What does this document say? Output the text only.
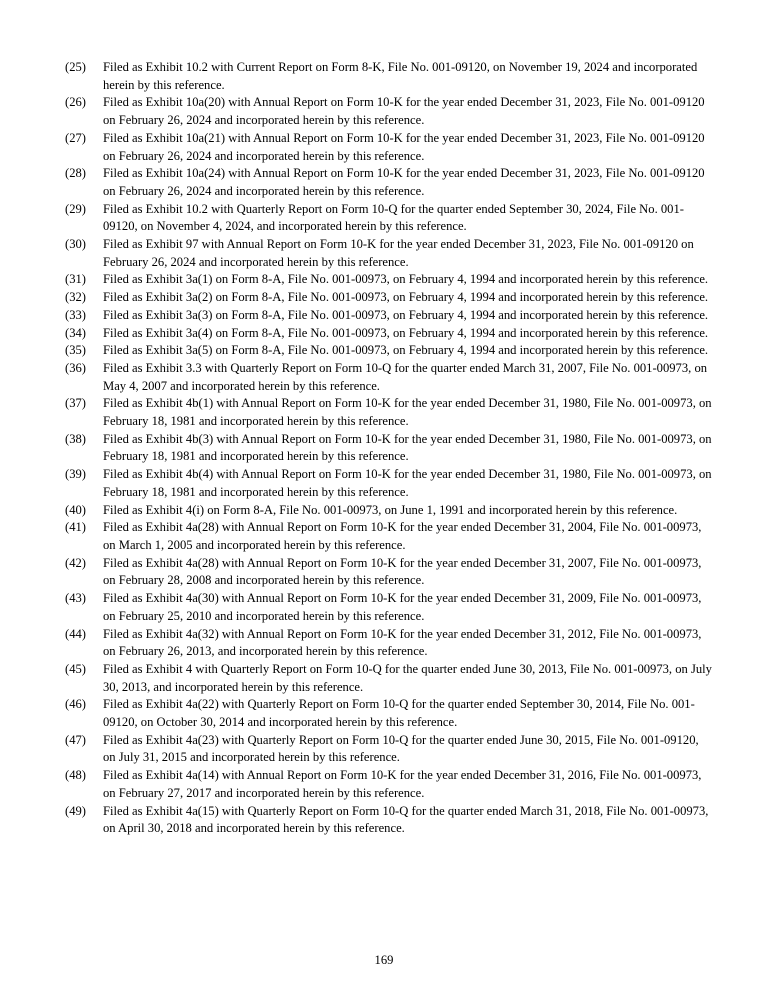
(25)	Filed as Exhibit 10.2 with Current Report on Form 8-K, File No. 001-09120, on November 19, 2024 and incorporated herein by this reference.
(26)	Filed as Exhibit 10a(20) with Annual Report on Form 10-K for the year ended December 31, 2023, File No. 001-09120 on February 26, 2024 and incorporated herein by this reference.
(27)	Filed as Exhibit 10a(21) with Annual Report on Form 10-K for the year ended December 31, 2023, File No. 001-09120 on February 26, 2024 and incorporated herein by this reference.
(28)	Filed as Exhibit 10a(24) with Annual Report on Form 10-K for the year ended December 31, 2023, File No. 001-09120 on February 26, 2024 and incorporated herein by this reference.
(29)	Filed as Exhibit 10.2 with Quarterly Report on Form 10-Q for the quarter ended September 30, 2024, File No. 001-09120, on November 4, 2024, and incorporated herein by this reference.
(30)	Filed as Exhibit 97 with Annual Report on Form 10-K for the year ended December 31, 2023, File No. 001-09120 on February 26, 2024 and incorporated herein by this reference.
(31)	Filed as Exhibit 3a(1) on Form 8-A, File No. 001-00973, on February 4, 1994 and incorporated herein by this reference.
(32)	Filed as Exhibit 3a(2) on Form 8-A, File No. 001-00973, on February 4, 1994 and incorporated herein by this reference.
(33)	Filed as Exhibit 3a(3) on Form 8-A, File No. 001-00973, on February 4, 1994 and incorporated herein by this reference.
(34)	Filed as Exhibit 3a(4) on Form 8-A, File No. 001-00973, on February 4, 1994 and incorporated herein by this reference.
(35)	Filed as Exhibit 3a(5) on Form 8-A, File No. 001-00973, on February 4, 1994 and incorporated herein by this reference.
(36)	Filed as Exhibit 3.3 with Quarterly Report on Form 10-Q for the quarter ended March 31, 2007, File No. 001-00973, on May 4, 2007 and incorporated herein by this reference.
(37)	Filed as Exhibit 4b(1) with Annual Report on Form 10-K for the year ended December 31, 1980, File No. 001-00973, on February 18, 1981 and incorporated herein by this reference.
(38)	Filed as Exhibit 4b(3) with Annual Report on Form 10-K for the year ended December 31, 1980, File No. 001-00973, on February 18, 1981 and incorporated herein by this reference.
(39)	Filed as Exhibit 4b(4) with Annual Report on Form 10-K for the year ended December 31, 1980, File No. 001-00973, on February 18, 1981 and incorporated herein by this reference.
(40)	Filed as Exhibit 4(i) on Form 8-A, File No. 001-00973, on June 1, 1991 and incorporated herein by this reference.
(41)	Filed as Exhibit 4a(28) with Annual Report on Form 10-K for the year ended December 31, 2004, File No. 001-00973, on March 1, 2005 and incorporated herein by this reference.
(42)	Filed as Exhibit 4a(28) with Annual Report on Form 10-K for the year ended December 31, 2007, File No. 001-00973, on February 28, 2008 and incorporated herein by this reference.
(43)	Filed as Exhibit 4a(30) with Annual Report on Form 10-K for the year ended December 31, 2009, File No. 001-00973, on February 25, 2010 and incorporated herein by this reference.
(44)	Filed as Exhibit 4a(32) with Annual Report on Form 10-K for the year ended December 31, 2012, File No. 001-00973, on February 26, 2013, and incorporated herein by this reference.
(45)	Filed as Exhibit 4 with Quarterly Report on Form 10-Q for the quarter ended June 30, 2013, File No. 001-00973, on July 30, 2013, and incorporated herein by this reference.
(46)	Filed as Exhibit 4a(22) with Quarterly Report on Form 10-Q for the quarter ended September 30, 2014, File No. 001-09120, on October 30, 2014 and incorporated herein by this reference.
(47)	Filed as Exhibit 4a(23) with Quarterly Report on Form 10-Q for the quarter ended June 30, 2015, File No. 001-09120, on July 31, 2015 and incorporated herein by this reference.
(48)	Filed as Exhibit 4a(14) with Annual Report on Form 10-K for the year ended December 31, 2016, File No. 001-00973, on February 27, 2017 and incorporated herein by this reference.
(49)	Filed as Exhibit 4a(15) with Quarterly Report on Form 10-Q for the quarter ended March 31, 2018, File No. 001-00973, on April 30, 2018 and incorporated herein by this reference.
169
